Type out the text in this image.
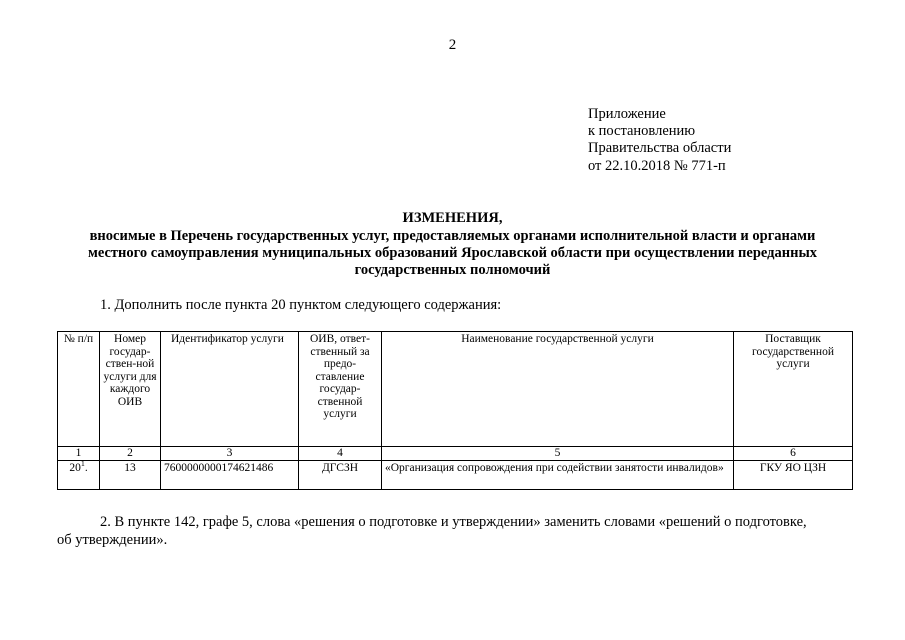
2
Приложение
к постановлению
Правительства области
от 22.10.2018 № 771-п
ИЗМЕНЕНИЯ,
вносимые в Перечень государственных услуг, предоставляемых органами исполнительной власти и органами
местного самоуправления муниципальных образований Ярославской области при осуществлении переданных
государственных полномочий
1. Дополнить после пункта 20 пунктом следующего содержания:
№ п/п	Номер государ-ствен-ной услуги для каждого ОИВ	Идентификатор услуги	ОИВ, ответ-ственный за предо-ставление государ-ственной услуги	Наименование государственной услуги	Поставщик государственной услуги
1	2	3	4	5	6
$20^1$.	13	7600000000174621486	ДГСЗН	«Организация сопровождения при содействии занятости инвалидов»	ГКУ ЯО ЦЗН
2. В пункте 142, графе 5, слова «решения о подготовке и утверждении» заменить словами «решений о подготовке,
об утверждении».
